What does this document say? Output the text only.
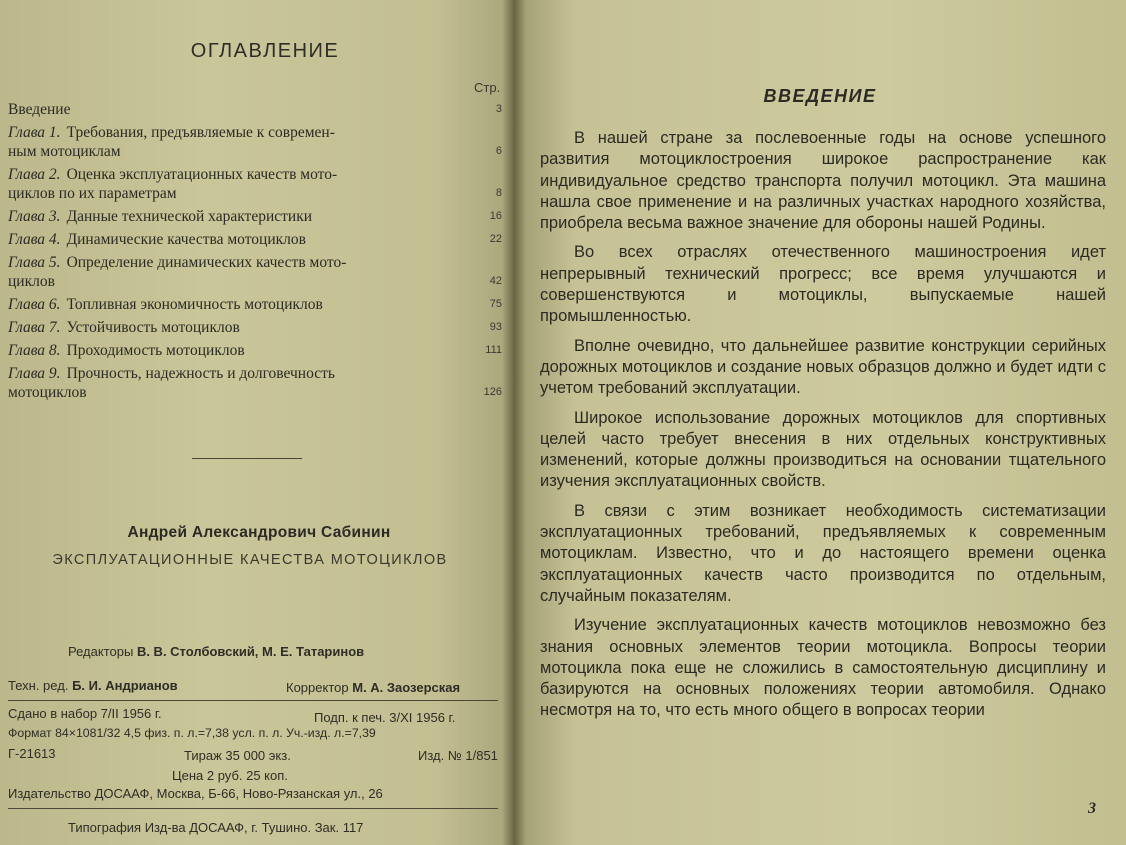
ОГЛАВЛЕНИЕ
Стр.
Введение	3
Глава 1. Требования, предъявляемые к современ-
ным мотоциклам	6
Глава 2. Оценка эксплуатационных качеств мото-
циклов по их параметрам	8
Глава 3. Данные технической характеристики	16
Глава 4. Динамические качества мотоциклов	22
Глава 5. Определение динамических качеств мото-
циклов	42
Глава 6. Топливная экономичность мотоциклов	75
Глава 7. Устойчивость мотоциклов	93
Глава 8. Проходимость мотоциклов	111
Глава 9. Прочность, надежность и долговечность
мотоциклов	126
Андрей Александрович Сабинин
ЭКСПЛУАТАЦИОННЫЕ КАЧЕСТВА МОТОЦИКЛОВ
Редакторы В. В. Столбовский, М. Е. Татаринов
Техн. ред. Б. И. Андрианов	Корректор М. А. Заозерская
Сдано в набор 7/II 1956 г.	Подп. к печ. 3/XI 1956 г.
Формат 84×1081/32 4,5 физ. п. л.=7,38 усл. п. л. Уч.-изд. л.=7,39
Г-21613	Тираж 35 000 экз.	Изд. № 1/851
Цена 2 руб. 25 коп.
Издательство ДОСААФ, Москва, Б-66, Ново-Рязанская ул., 26
Типография Изд-ва ДОСААФ, г. Тушино. Зак. 117
ВВЕДЕНИЕ

В нашей стране за послевоенные годы на основе успешного развития мотоциклостроения широкое распространение как индивидуальное средство транспорта получил мотоцикл. Эта машина нашла свое применение и на различных участках народного хозяйства, приобрела весьма важное значение для обороны нашей Родины.

Во всех отраслях отечественного машиностроения идет непрерывный технический прогресс; все время улучшаются и совершенствуются и мотоциклы, выпускаемые нашей промышленностью.

Вполне очевидно, что дальнейшее развитие конструкции серийных дорожных мотоциклов и создание новых образцов должно и будет идти с учетом требований эксплуатации.

Широкое использование дорожных мотоциклов для спортивных целей часто требует внесения в них отдельных конструктивных изменений, которые должны производиться на основании тщательного изучения эксплуатационных свойств.

В связи с этим возникает необходимость систематизации эксплуатационных требований, предъявляемых к современным мотоциклам. Известно, что и до настоящего времени оценка эксплуатационных качеств часто производится по отдельным, случайным показателям.

Изучение эксплуатационных качеств мотоциклов невозможно без знания основных элементов теории мотоцикла. Вопросы теории мотоцикла пока еще не сложились в самостоятельную дисциплину и базируются на основных положениях теории автомобиля. Однако несмотря на то, что есть много общего в вопросах теории

3
